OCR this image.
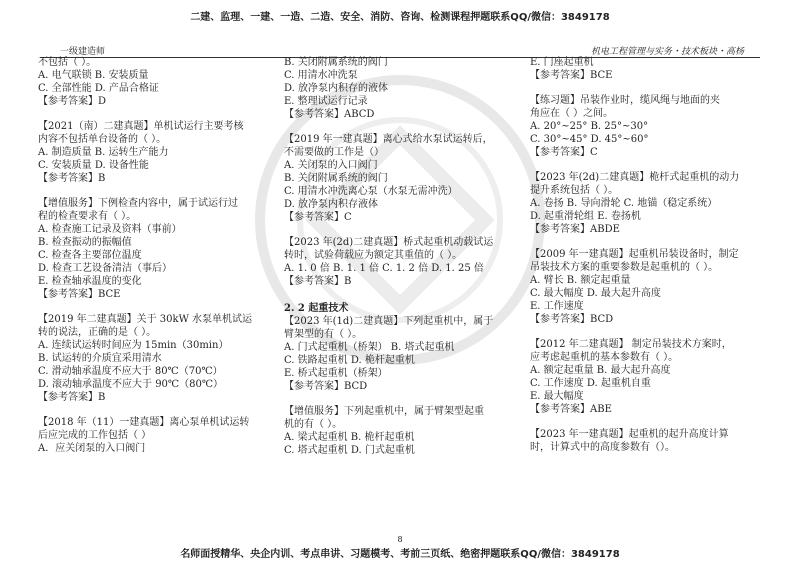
二建、监理、一建、一造、二造、安全、消防、咨询、检测课程押题联系QQ/微信：3849178
一级建造师	机电工程管理与实务・技术板块・高杨

不包括（ ）。

A. 电气联锁 B. 安装质量

C. 全部性能 D. 产品合格证

【参考答案】D

【2021（南）二建真题】单机试运行主要考核

内容不包括单台设备的（ ）。

A. 制造质量 B. 运转生产能力

C. 安装质量 D. 设备性能

【参考答案】B

【增值服务】下例检查内容中，属于试运行过

程的检查要求有（ ）。

A. 检查施工记录及资料（事前）

B. 检查振动的振幅值

C. 检查各主要部位温度

D. 检查工艺设备清洁（事后）

E. 检查轴承温度的变化

【参考答案】BCE

【2019 年二建真题】关于 30kW 水泵单机试运

转的说法，正确的是（ ）。

A. 连续试运转时间应为 15min（30min）

B. 试运转的介质宜采用清水

C. 滑动轴承温度不应大于 80℃（70℃）

D. 滚动轴承温度不应大于 90℃（80℃）

【参考答案】B

【2018 年（11）一建真题】离心泵单机试运转

后应完成的工作包括（ ）

A．应关闭泵的入口阀门

B. 关闭附属系统的阀门

C. 用清水冲洗泵

D. 放净泵内积存的液体

E. 整理试运行记录

【参考答案】ABCD

【2019 年一建真题】离心式给水泵试运转后，

不需要做的工作是（）

A. 关闭泵的入口阀门

B. 关闭附属系统的阀门

C. 用清水冲洗离心泵（水泵无需冲洗）

D. 放净泵内积存液体

【参考答案】C

【2023 年(2d)二建真题】桥式起重机动载试运

转时，试验荷载应为额定其重值的（ ）。

A. 1. 0 倍 B. 1. 1 倍 C. 1. 2 倍 D. 1. 25 倍

【参考答案】B

2. 2 起重技术

【2023 年(1d)二建真题】下列起重机中，属于

臂架型的有（ ）。

A. 门式起重机（桥架） B. 塔式起重机

C. 铁路起重机 D. 桅杆起重机

E. 桥式起重机（桥架）

【参考答案】BCD

【增值服务】下列起重机中，属于臂架型起重

机的有（ ）。

A. 梁式起重机 B. 桅杆起重机

C. 塔式起重机 D. 门式起重机

E. 门座起重机

【参考答案】BCE

【练习题】吊装作业时，缆风绳与地面的夹

角应在（ ）之间。

A. 20°~25° B. 25°~30°

C. 30°~45° D. 45°~60°

【参考答案】C

【2023 年(2d)二建真题】桅杆式起重机的动力

提升系统包括（ ）。

A. 卷扬 B. 导向滑轮 C. 地锚（稳定系统）

D. 起重滑轮组 E. 卷扬机

【参考答案】ABDE

【2009 年一建真题】起重机吊装设备时，制定

吊装技术方案的重要参数是起重机的（ ）。

A. 臂长 B. 额定起重量

C. 最大幅度 D. 最大起升高度

E. 工作速度

【参考答案】BCD

【2012 年二建真题】 制定吊装技术方案时，

应考虑起重机的基本参数有（ ）。

A. 额定起重量 B. 最大起升高度

C. 工作速度 D. 起重机自重

E. 最大幅度

【参考答案】ABE

【2023 年一建真题】起重机的起升高度计算

时，计算式中的高度参数有（）。

8
名师面授精华、央企内训、考点串讲、习题模考、考前三页纸、绝密押题联系QQ/微信：3849178
